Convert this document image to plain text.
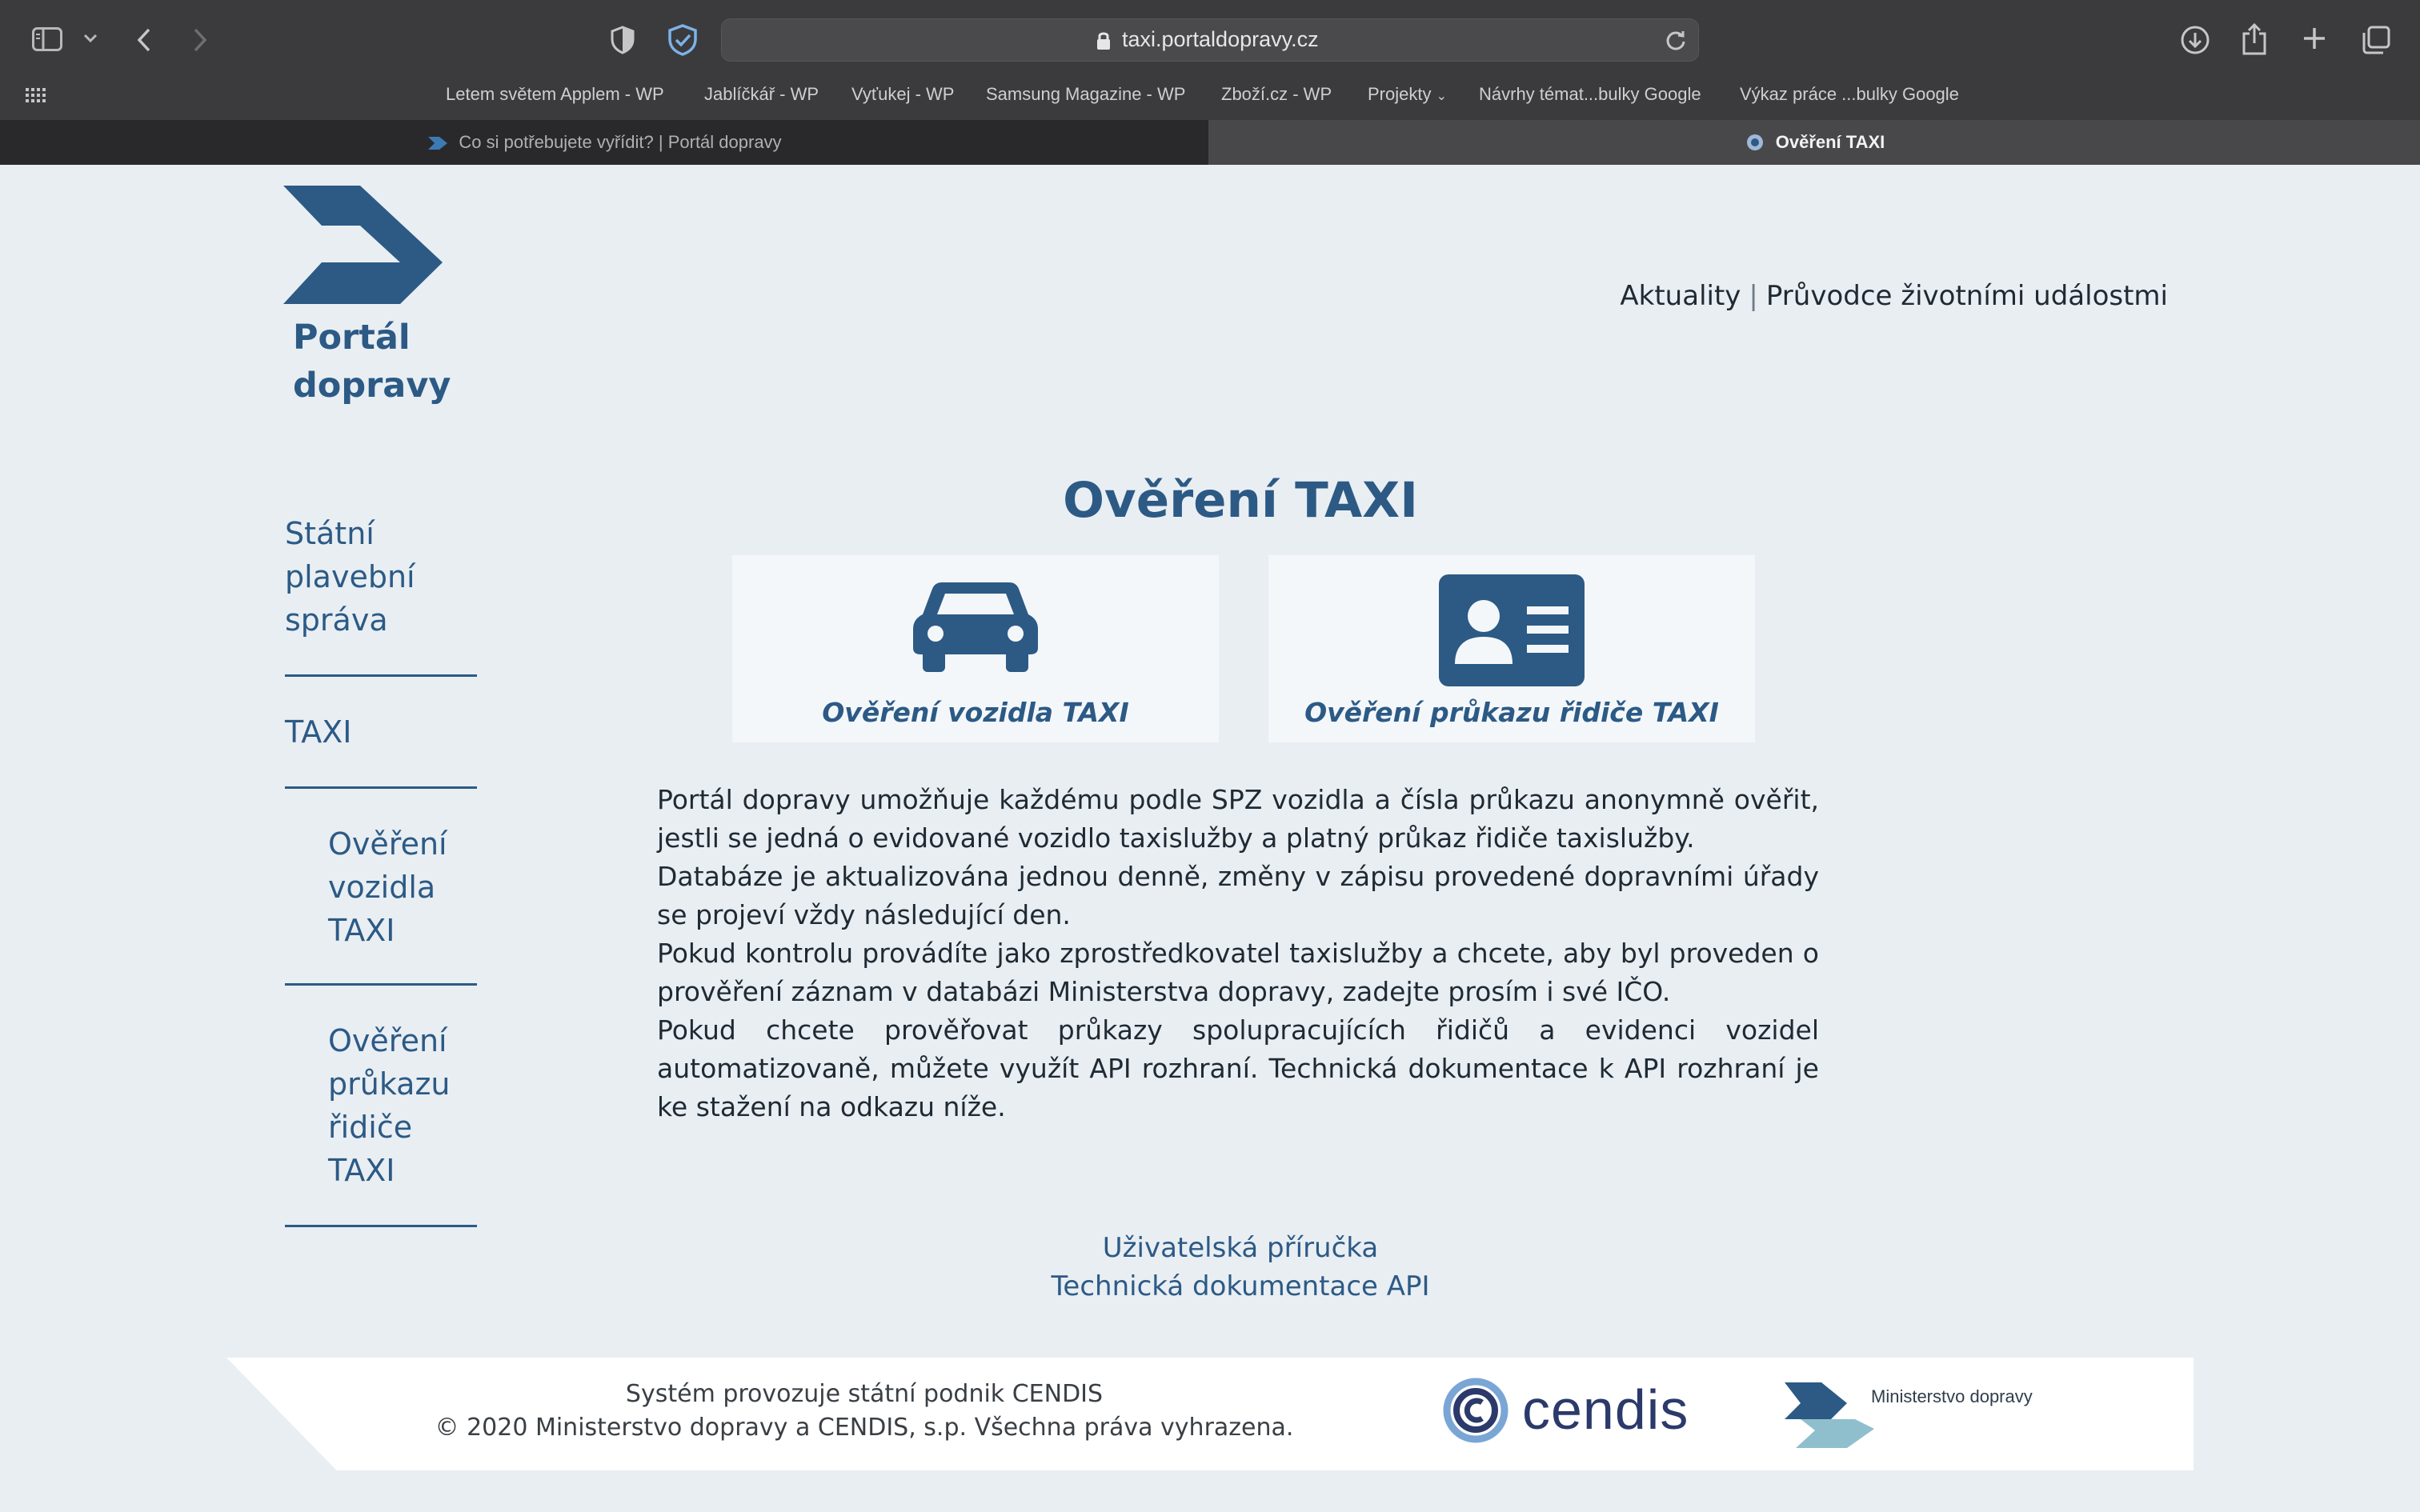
taxi.portaldopravy.cz
Letem světem Applem - WP Jablíčkář - WP Vyťukej - WP Samsung Magazine - WP Zboží.cz - WP Projekty ⌄ Návrhy témat...bulky Google Výkaz práce ...bulky Google
Co si potřebujete vyřídit? | Portál dopravy	Ověření TAXI
Portál dopravy
Aktuality | Průvodce životními událostmi
Státní plavební správa
TAXI
Ověření vozidla TAXI
Ověření průkazu řidiče TAXI
Ověření TAXI
Ověření vozidla TAXI	Ověření průkazu řidiče TAXI

Portál dopravy umožňuje každému podle SPZ vozidla a čísla průkazu anonymně ověřit, jestli se jedná o evidované vozidlo taxislužby a platný průkaz řidiče taxislužby.

Databáze je aktualizována jednou denně, změny v zápisu provedené dopravními úřady se projeví vždy následující den.

Pokud kontrolu provádíte jako zprostředkovatel taxislužby a chcete, aby byl proveden o prověření záznam v databázi Ministerstva dopravy, zadejte prosím i své IČO.

Pokud chcete prověřovat průkazy spolupracujících řidičů a evidenci vozidel automatizovaně, můžete využít API rozhraní. Technická dokumentace k API rozhraní je ke stažení na odkazu níže.

Uživatelská příručka
Technická dokumentace API
Systém provozuje státní podnik CENDIS
© 2020 Ministerstvo dopravy a CENDIS, s.p. Všechna práva vyhrazena.	cendis	Ministerstvo dopravy
